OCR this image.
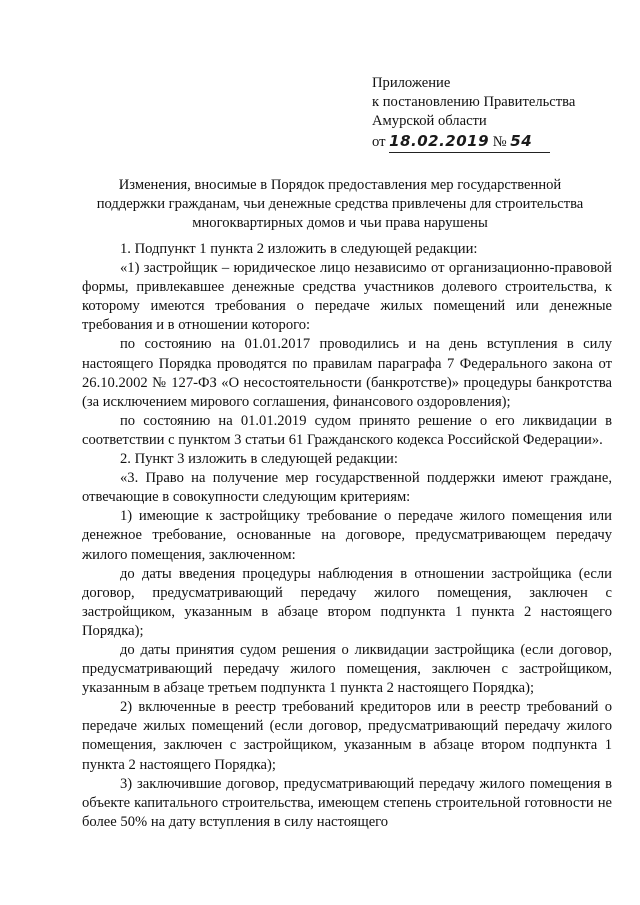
Приложение
к постановлению Правительства
Амурской области
от 18.02.2019 № 54
Изменения, вносимые в Порядок предоставления мер государственной
поддержки гражданам, чьи денежные средства привлечены для строительства
многоквартирных домов и чьи права нарушены

1. Подпункт 1 пункта 2 изложить в следующей редакции:

«1) застройщик – юридическое лицо независимо от организационно-правовой формы, привлекавшее денежные средства участников долевого строительства, к которому имеются требования о передаче жилых помещений или денежные требования и в отношении которого:

по состоянию на 01.01.2017 проводились и на день вступления в силу настоящего Порядка проводятся по правилам параграфа 7 Федерального закона от 26.10.2002 № 127-ФЗ «О несостоятельности (банкротстве)» процедуры банкротства (за исключением мирового соглашения, финансового оздоровления);

по состоянию на 01.01.2019 судом принято решение о его ликвидации в соответствии с пунктом 3 статьи 61 Гражданского кодекса Российской Федерации».

2. Пункт 3 изложить в следующей редакции:

«3. Право на получение мер государственной поддержки имеют граждане, отвечающие в совокупности следующим критериям:

1) имеющие к застройщику требование о передаче жилого помещения или денежное требование, основанные на договоре, предусматривающем передачу жилого помещения, заключенном:

до даты введения процедуры наблюдения в отношении застройщика (если договор, предусматривающий передачу жилого помещения, заключен с застройщиком, указанным в абзаце втором подпункта 1 пункта 2 настоящего Порядка);

до даты принятия судом решения о ликвидации застройщика (если договор, предусматривающий передачу жилого помещения, заключен с застройщиком, указанным в абзаце третьем подпункта 1 пункта 2 настоящего Порядка);

2) включенные в реестр требований кредиторов или в реестр требований о передаче жилых помещений (если договор, предусматривающий передачу жилого помещения, заключен с застройщиком, указанным в абзаце втором подпункта 1 пункта 2 настоящего Порядка);

3) заключившие договор, предусматривающий передачу жилого помещения в объекте капитального строительства, имеющем степень строительной готовности не более 50% на дату вступления в силу настоящего
